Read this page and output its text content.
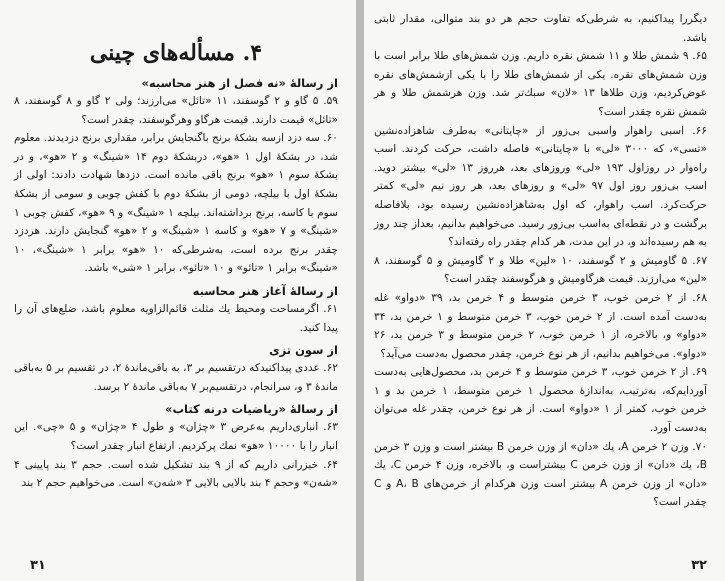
۴. مسأله‌های چینی
از رسالهٔ «نه فصل از هنر محاسبه»

۵۹. ۵ گاو و ۲ گوسفند، ۱۱ «تائل» می‌ارزند؛ ولی ۲ گاو و ۸ گوسفند، ۸ «تائل» قیمت دارند. قیمت هرگاو وهرگوسفند، چقدر است؟

۶۰. سه دزد ازسه بشکهٔ برنج باگنجایش برابر، مقداری برنج دزدیدند. معلوم شد، در بشکهٔ اول ۱ «هو»، دربشکهٔ دوم ۱۴ «شینگ» و ۲ «هو»، و در بشکهٔ سوم ۱ «هو» برنج باقی مانده است. دزدها شهادت دادند: اولی از بشکهٔ اول با بیلچه، دومی از بشکهٔ دوم با کفش چوبی و سومی از بشکهٔ سوم با کاسه، برنج برداشته‌اند. بیلچه ۱ «شینگ» و ۹ «هو»، کفش چوبی ۱ «شینگ» و ۷ «هو» و کاسه ۱ «شینگ» و ۲ «هو» گنجایش دارند. هردزد چقدر برنج برده است، به‌شرطی‌که ۱۰ «هو» برابر ۱ «شینگ»، ۱۰ «شینگ» برابر ۱ «تائو» و ۱۰ «تائو»، برابر ۱ «شی» باشد.

از رسالهٔ آغاز هنر محاسبه

۶۱. اگرمساحت ومحیط یك مثلث قائم‌الزاویه معلوم باشد، ضلع‌های آن را پیدا کنید.

از سون تزی

۶۲. عددی پیداکنیدکه درتقسیم بر ۳، به باقی‌ماندهٔ ۲، در تقسیم بر ۵ به‌باقی ماندهٔ ۳ و، سرانجام، درتقسیم‌بر ۷ به‌باقی ماندهٔ ۲ برسد.

از رسالهٔ «ریاضیات درنه کتاب»

۶۳. انباری‌داریم به‌عرض ۳ «چژان» و طول ۴ «چژان» و ۵ «چی». این انبار را با ۱۰۰۰۰ «هو» نمك پرکردیم. ارتفاع انبار چقدر است؟

۶۴. خیزرانی داریم که از ۹ بند تشکیل شده است. حجم ۳ بند پایینی ۴ «شه‌ن» وحجم ۴ بند بالایی بالایی ۳ «شه‌ن» است. می‌خواهیم حجم ۲ بند

۳۱

دیگررا پیداکنیم، به شرطی‌که تفاوت حجم هر دو بند متوالی، مقدار ثابتی باشد.

۶۵. ۹ شمش طلا و ۱۱ شمش نقره داریم. وزن شمش‌های طلا برابر است با وزن شمش‌های نقره. یکی از شمش‌های طلا را با یکی ازشمش‌های نقره عوض‌کردیم، وزن طلاها ۱۳ «لان» سبك‌تر شد. وزن هرشمش طلا و هر شمش نقره چقدر است؟

۶۶. اسبی راهوار واسبی بی‌زور از «چایتانی» به‌طرف شاهزاده‌نشین «تسی»، که ۳۰۰۰ «لی» با «چایتانی» فاصله داشت، حرکت کردند. اسب راه‌وار در روزاول ۱۹۳ «لی» وروزهای بعد، هرروز ۱۳ «لی» بیشتر دوید. اسب بی‌زور روز اول ۹۷ «لی» و روزهای بعد، هر روز نیم «لی» کمتر حرکت‌کرد. اسب راهوار، که اول به‌شاهزاده‌نشین رسیده بود، بلافاصله برگشت و در نقطه‌ای به‌اسب بی‌زور رسید. می‌خواهیم بدانیم، بعداز چند روز به هم رسیده‌اند و، در این مدت، هر کدام چقدر راه رفته‌اند؟

۶۷. ۵ گاومیش و ۲ گوسفند، ۱۰ «لین» طلا و ۲ گاومیش و ۵ گوسفند، ۸ «لین» می‌ارزند. قیمت هرگاومیش و هرگوسفند چقدر است؟

۶۸. از ۲ خرمن خوب، ۳ خرمن متوسط و ۴ خرمن بد، ۳۹ «دواو» غله به‌دست آمده است. از ۲ خرمن خوب، ۳ خرمن متوسط و ۱ خرمن بد، ۳۴ «دواو» و، بالاخره، از ۱ خرمن خوب، ۲ خرمن متوسط و ۳ خرمن بد، ۲۶ «دواو». می‌خواهیم بدانیم، از هر نوع خرمن، چقدر محصول به‌دست می‌آید؟

۶۹. از ۲ خرمن خوب، ۳ خرمن متوسط و ۴ خرمن بد، محصول‌هایی به‌دست آوردایم‌که، به‌ترتیب، به‌اندازهٔ محصول ۱ خرمن متوسط، ۱ خرمن بد و ۱ خرمن خوب، کمتر از ۱ «دواو» است. از هر نوع خرمن، چقدر غله می‌توان به‌دست آورد.

۷۰. وزن ۲ خرمن A، یك «دان» از وزن خرمن B بیشتر است و وزن ۳ خرمن B، یك «دان» از وزن خرمن C بیشتراست و، بالاخره، وزن ۴ خرمن C، یك «دان» از وزن خرمن A بیشتر است وزن هرکدام از خرمن‌های A، B و C چقدر است؟

۳۲
